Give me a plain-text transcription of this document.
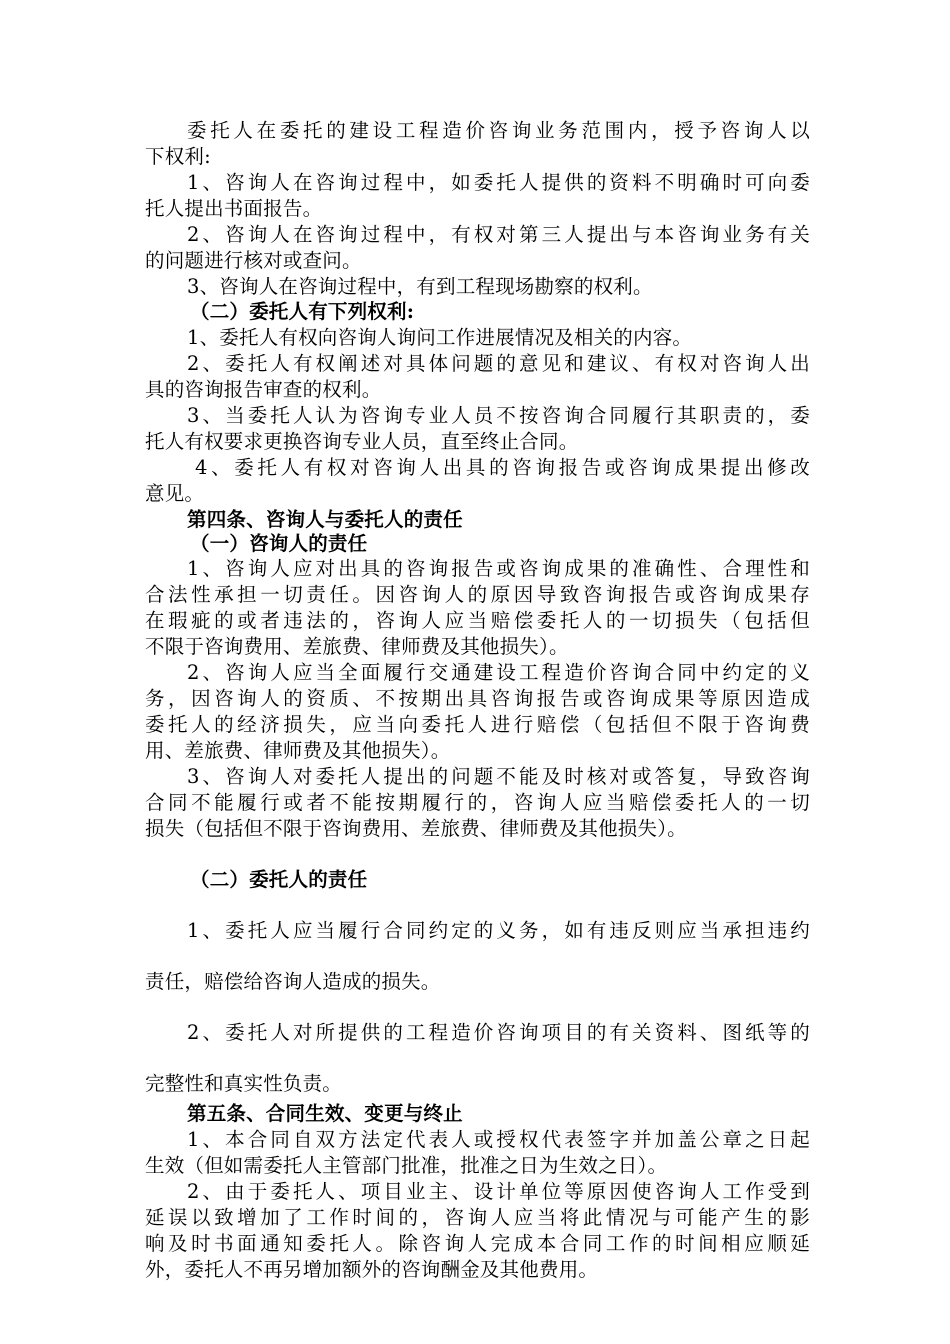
委托人在委托的建设工程造价咨询业务范围内，授予咨询人以
下权利:
1、咨询人在咨询过程中，如委托人提供的资料不明确时可向委
托人提出书面报告。
2、咨询人在咨询过程中，有权对第三人提出与本咨询业务有关
的问题进行核对或查问。
3、咨询人在咨询过程中，有到工程现场勘察的权利。
（二）委托人有下列权利:
1、委托人有权向咨询人询问工作进展情况及相关的内容。
2、委托人有权阐述对具体问题的意见和建议、有权对咨询人出
具的咨询报告审查的权利。
3、当委托人认为咨询专业人员不按咨询合同履行其职责的，委
托人有权要求更换咨询专业人员，直至终止合同。
4、委托人有权对咨询人出具的咨询报告或咨询成果提出修改
意见。
第四条、咨询人与委托人的责任
（一）咨询人的责任
1、咨询人应对出具的咨询报告或咨询成果的准确性、合理性和
合法性承担一切责任。因咨询人的原因导致咨询报告或咨询成果存
在瑕疵的或者违法的，咨询人应当赔偿委托人的一切损失（包括但
不限于咨询费用、差旅费、律师费及其他损失）。
2、咨询人应当全面履行交通建设工程造价咨询合同中约定的义
务，因咨询人的资质、不按期出具咨询报告或咨询成果等原因造成
委托人的经济损失，应当向委托人进行赔偿（包括但不限于咨询费
用、差旅费、律师费及其他损失）。
3、咨询人对委托人提出的问题不能及时核对或答复，导致咨询
合同不能履行或者不能按期履行的，咨询人应当赔偿委托人的一切
损失（包括但不限于咨询费用、差旅费、律师费及其他损失）。
（二）委托人的责任
1、委托人应当履行合同约定的义务，如有违反则应当承担违约
责任，赔偿给咨询人造成的损失。
2、委托人对所提供的工程造价咨询项目的有关资料、图纸等的
完整性和真实性负责。
第五条、合同生效、变更与终止
1、本合同自双方法定代表人或授权代表签字并加盖公章之日起
生效（但如需委托人主管部门批准，批准之日为生效之日）。
2、由于委托人、项目业主、设计单位等原因使咨询人工作受到
延误以致增加了工作时间的，咨询人应当将此情况与可能产生的影
响及时书面通知委托人。除咨询人完成本合同工作的时间相应顺延
外，委托人不再另增加额外的咨询酬金及其他费用。
